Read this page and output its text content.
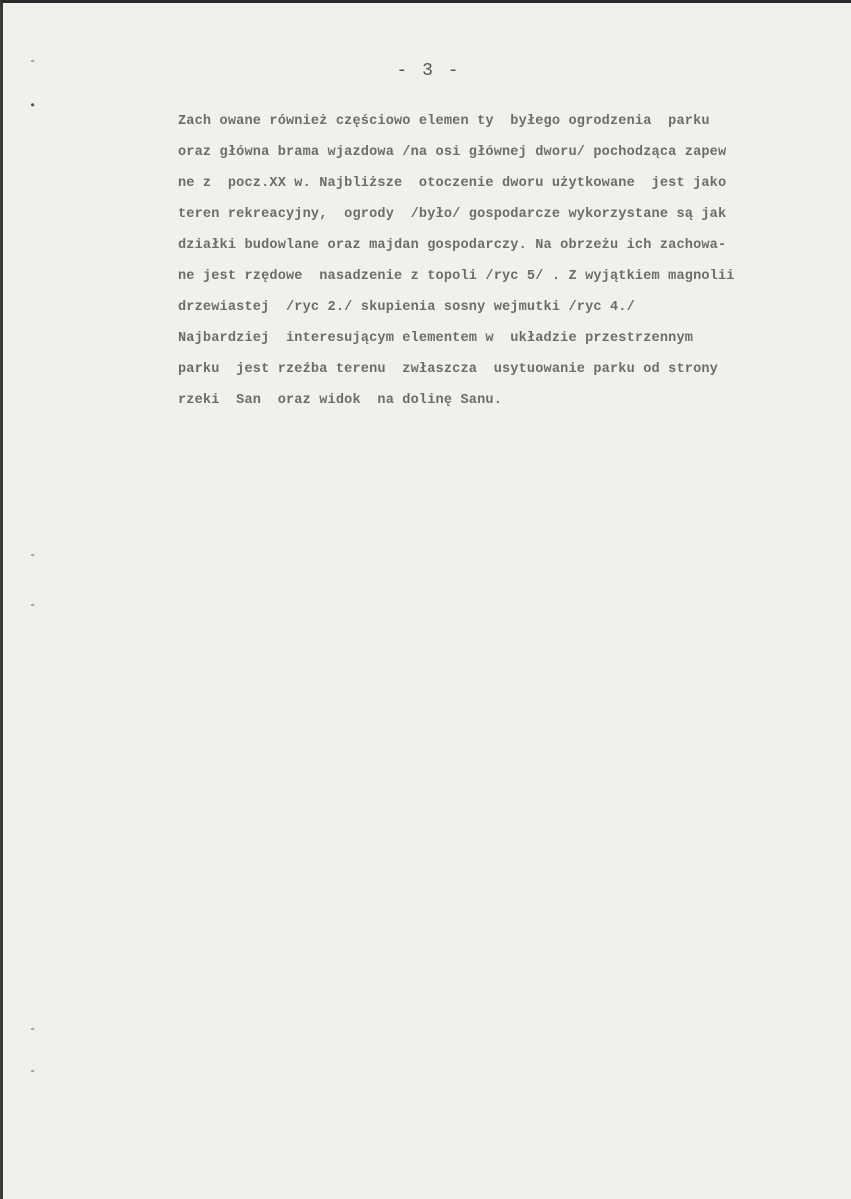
-
•
-
-
-
-
- 3 -
Zach owane również częściowo elemen ty  byłego ogrodzenia  parku
oraz główna brama wjazdowa /na osi głównej dworu/ pochodząca zapew
ne z  pocz.XX w. Najbliższe  otoczenie dworu użytkowane  jest jako
teren rekreacyjny,  ogrody  /było/ gospodarcze wykorzystane są jak
działki budowlane oraz majdan gospodarczy. Na obrzeżu ich zachowa-
ne jest rzędowe  nasadzenie z topoli /ryc 5/ . Z wyjątkiem magnolii
drzewiastej  /ryc 2./ skupienia sosny wejmutki /ryc 4./
Najbardziej  interesującym elementem w  układzie przestrzennym
parku  jest rzeźba terenu  zwłaszcza  usytuowanie parku od strony
rzeki  San  oraz widok  na dolinę Sanu.
